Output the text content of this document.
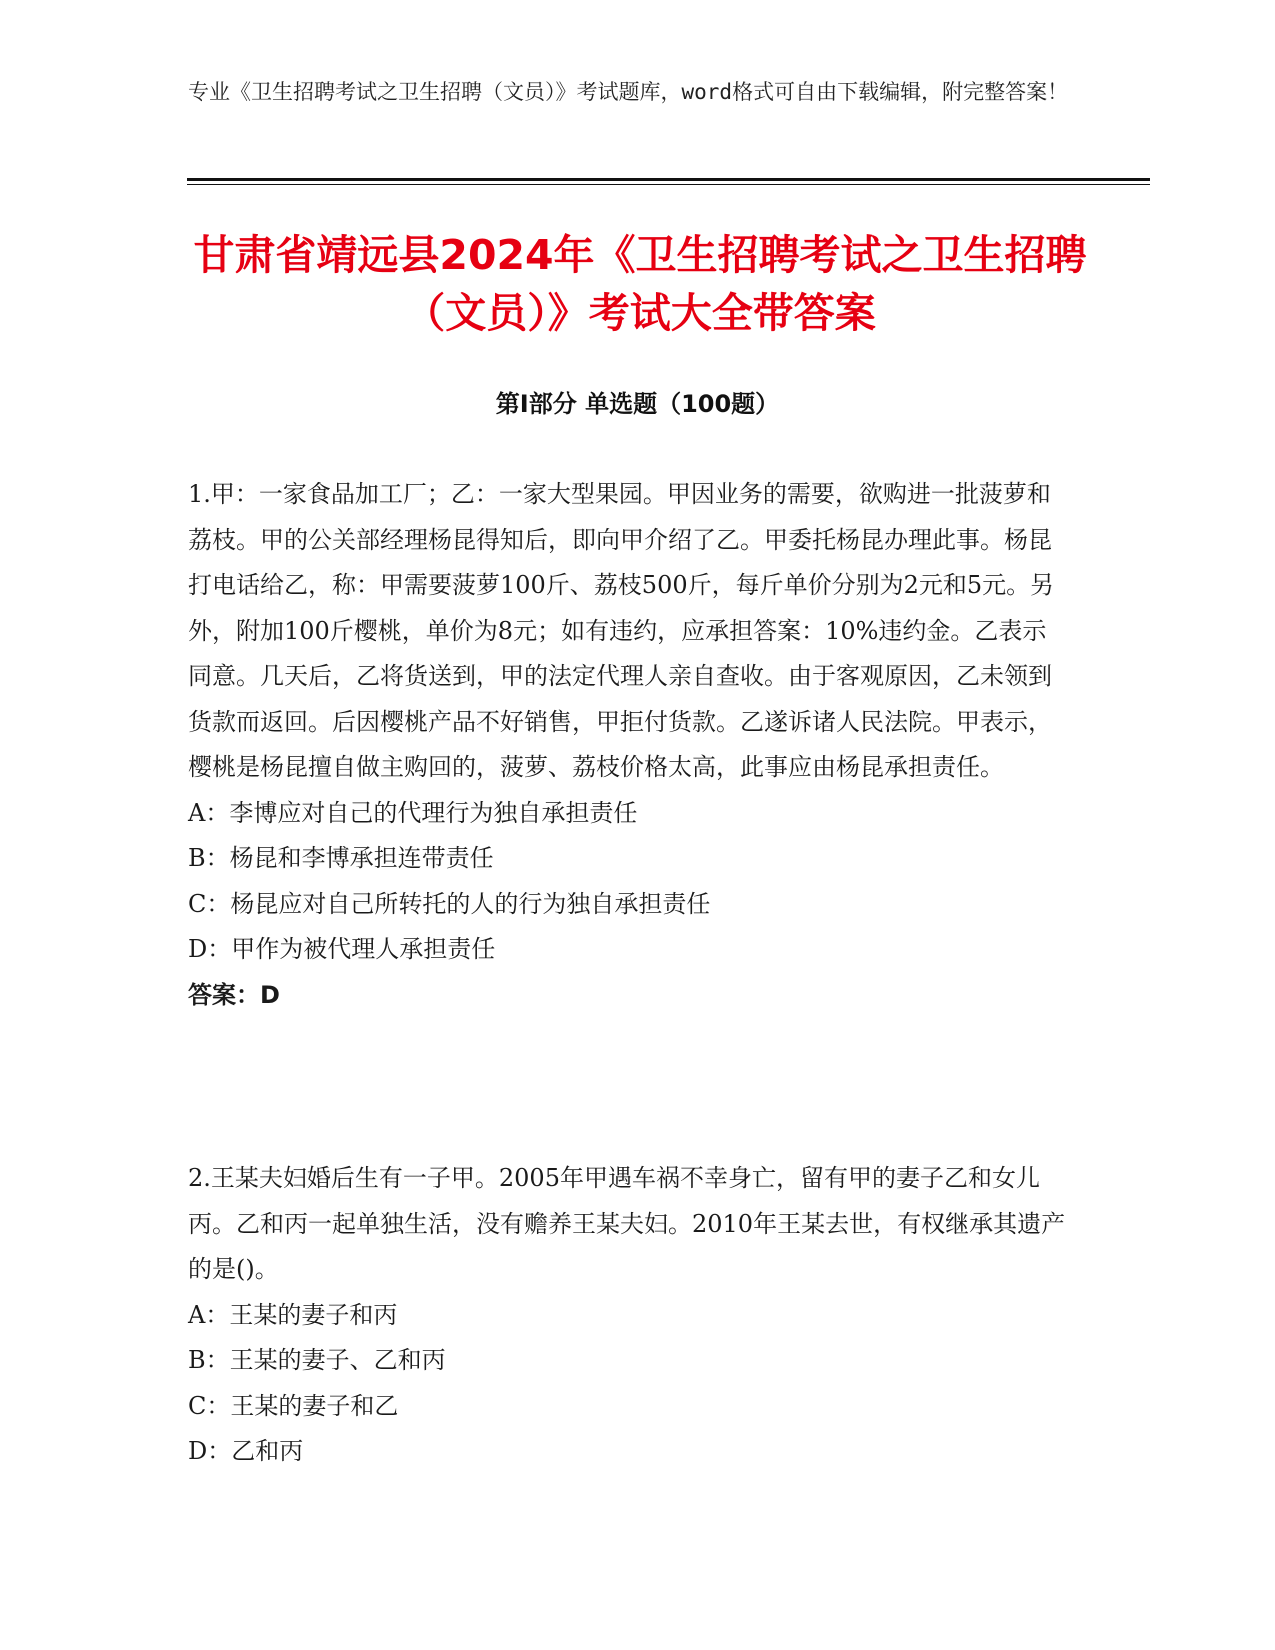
专业《卫生招聘考试之卫生招聘（文员）》考试题库，word格式可自由下载编辑，附完整答案！
甘肃省靖远县2024年《卫生招聘考试之卫生招聘（文员）》考试大全带答案
第I部分 单选题（100题）

1.甲：一家食品加工厂；乙：一家大型果园。甲因业务的需要，欲购进一批菠萝和荔枝。甲的公关部经理杨昆得知后，即向甲介绍了乙。甲委托杨昆办理此事。杨昆打电话给乙，称：甲需要菠萝100斤、荔枝500斤，每斤单价分别为2元和5元。另外，附加100斤樱桃，单价为8元；如有违约，应承担答案：10%违约金。乙表示同意。几天后，乙将货送到，甲的法定代理人亲自查收。由于客观原因，乙未领到货款而返回。后因樱桃产品不好销售，甲拒付货款。乙遂诉诸人民法院。甲表示，樱桃是杨昆擅自做主购回的，菠萝、荔枝价格太高，此事应由杨昆承担责任。

A：李博应对自己的代理行为独自承担责任

B：杨昆和李博承担连带责任

C：杨昆应对自己所转托的人的行为独自承担责任

D：甲作为被代理人承担责任

答案：D

2.王某夫妇婚后生有一子甲。2005年甲遇车祸不幸身亡，留有甲的妻子乙和女儿丙。乙和丙一起单独生活，没有赡养王某夫妇。2010年王某去世，有权继承其遗产的是()。

A：王某的妻子和丙

B：王某的妻子、乙和丙

C：王某的妻子和乙

D：乙和丙
